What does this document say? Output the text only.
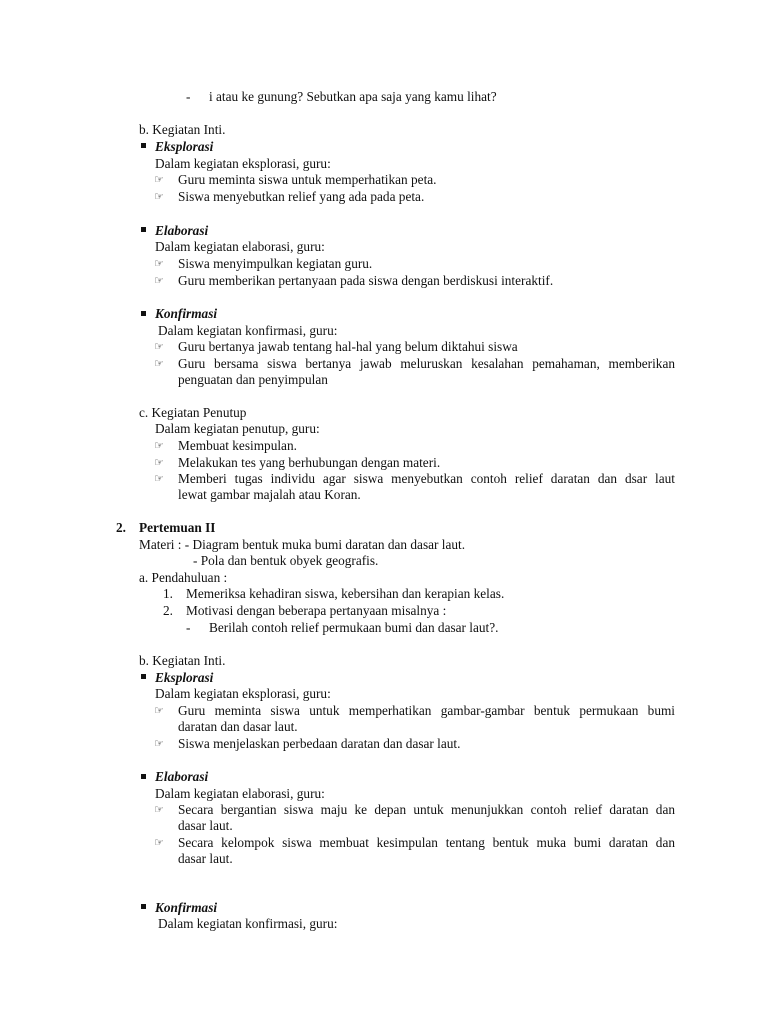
- i atau ke gunung? Sebutkan apa saja yang kamu lihat?
b. Kegiatan Inti.
Eksplorasi
Dalam kegiatan eksplorasi, guru:
☞ Guru meminta siswa untuk memperhatikan peta.
☞ Siswa menyebutkan relief yang ada pada peta.
Elaborasi
Dalam kegiatan elaborasi, guru:
☞ Siswa menyimpulkan kegiatan guru.
☞ Guru memberikan pertanyaan pada siswa dengan berdiskusi interaktif.
Konfirmasi
Dalam kegiatan konfirmasi, guru:
☞ Guru bertanya jawab tentang hal-hal yang belum diktahui siswa
☞ Guru bersama siswa bertanya jawab meluruskan kesalahan pemahaman, memberikan
penguatan dan penyimpulan
c. Kegiatan Penutup
Dalam kegiatan penutup, guru:
☞ Membuat kesimpulan.
☞ Melakukan tes yang berhubungan dengan materi.
☞ Memberi tugas individu agar siswa menyebutkan contoh relief daratan dan dsar laut
lewat gambar majalah atau Koran.
2. Pertemuan II
Materi : - Diagram bentuk muka bumi daratan dan dasar laut.
- Pola dan bentuk obyek geografis.
a. Pendahuluan :
1. Memeriksa kehadiran siswa, kebersihan dan kerapian kelas.
2. Motivasi dengan beberapa pertanyaan misalnya :
- Berilah contoh relief permukaan bumi dan dasar laut?.
b. Kegiatan Inti.
Eksplorasi
Dalam kegiatan eksplorasi, guru:
☞ Guru meminta siswa untuk memperhatikan gambar-gambar bentuk permukaan bumi
daratan dan dasar laut.
☞ Siswa menjelaskan perbedaan daratan dan dasar laut.
Elaborasi
Dalam kegiatan elaborasi, guru:
☞ Secara bergantian siswa maju ke depan untuk menunjukkan contoh relief daratan dan
dasar laut.
☞ Secara kelompok siswa membuat kesimpulan tentang bentuk muka bumi daratan dan
dasar laut.
Konfirmasi
Dalam kegiatan konfirmasi, guru:
